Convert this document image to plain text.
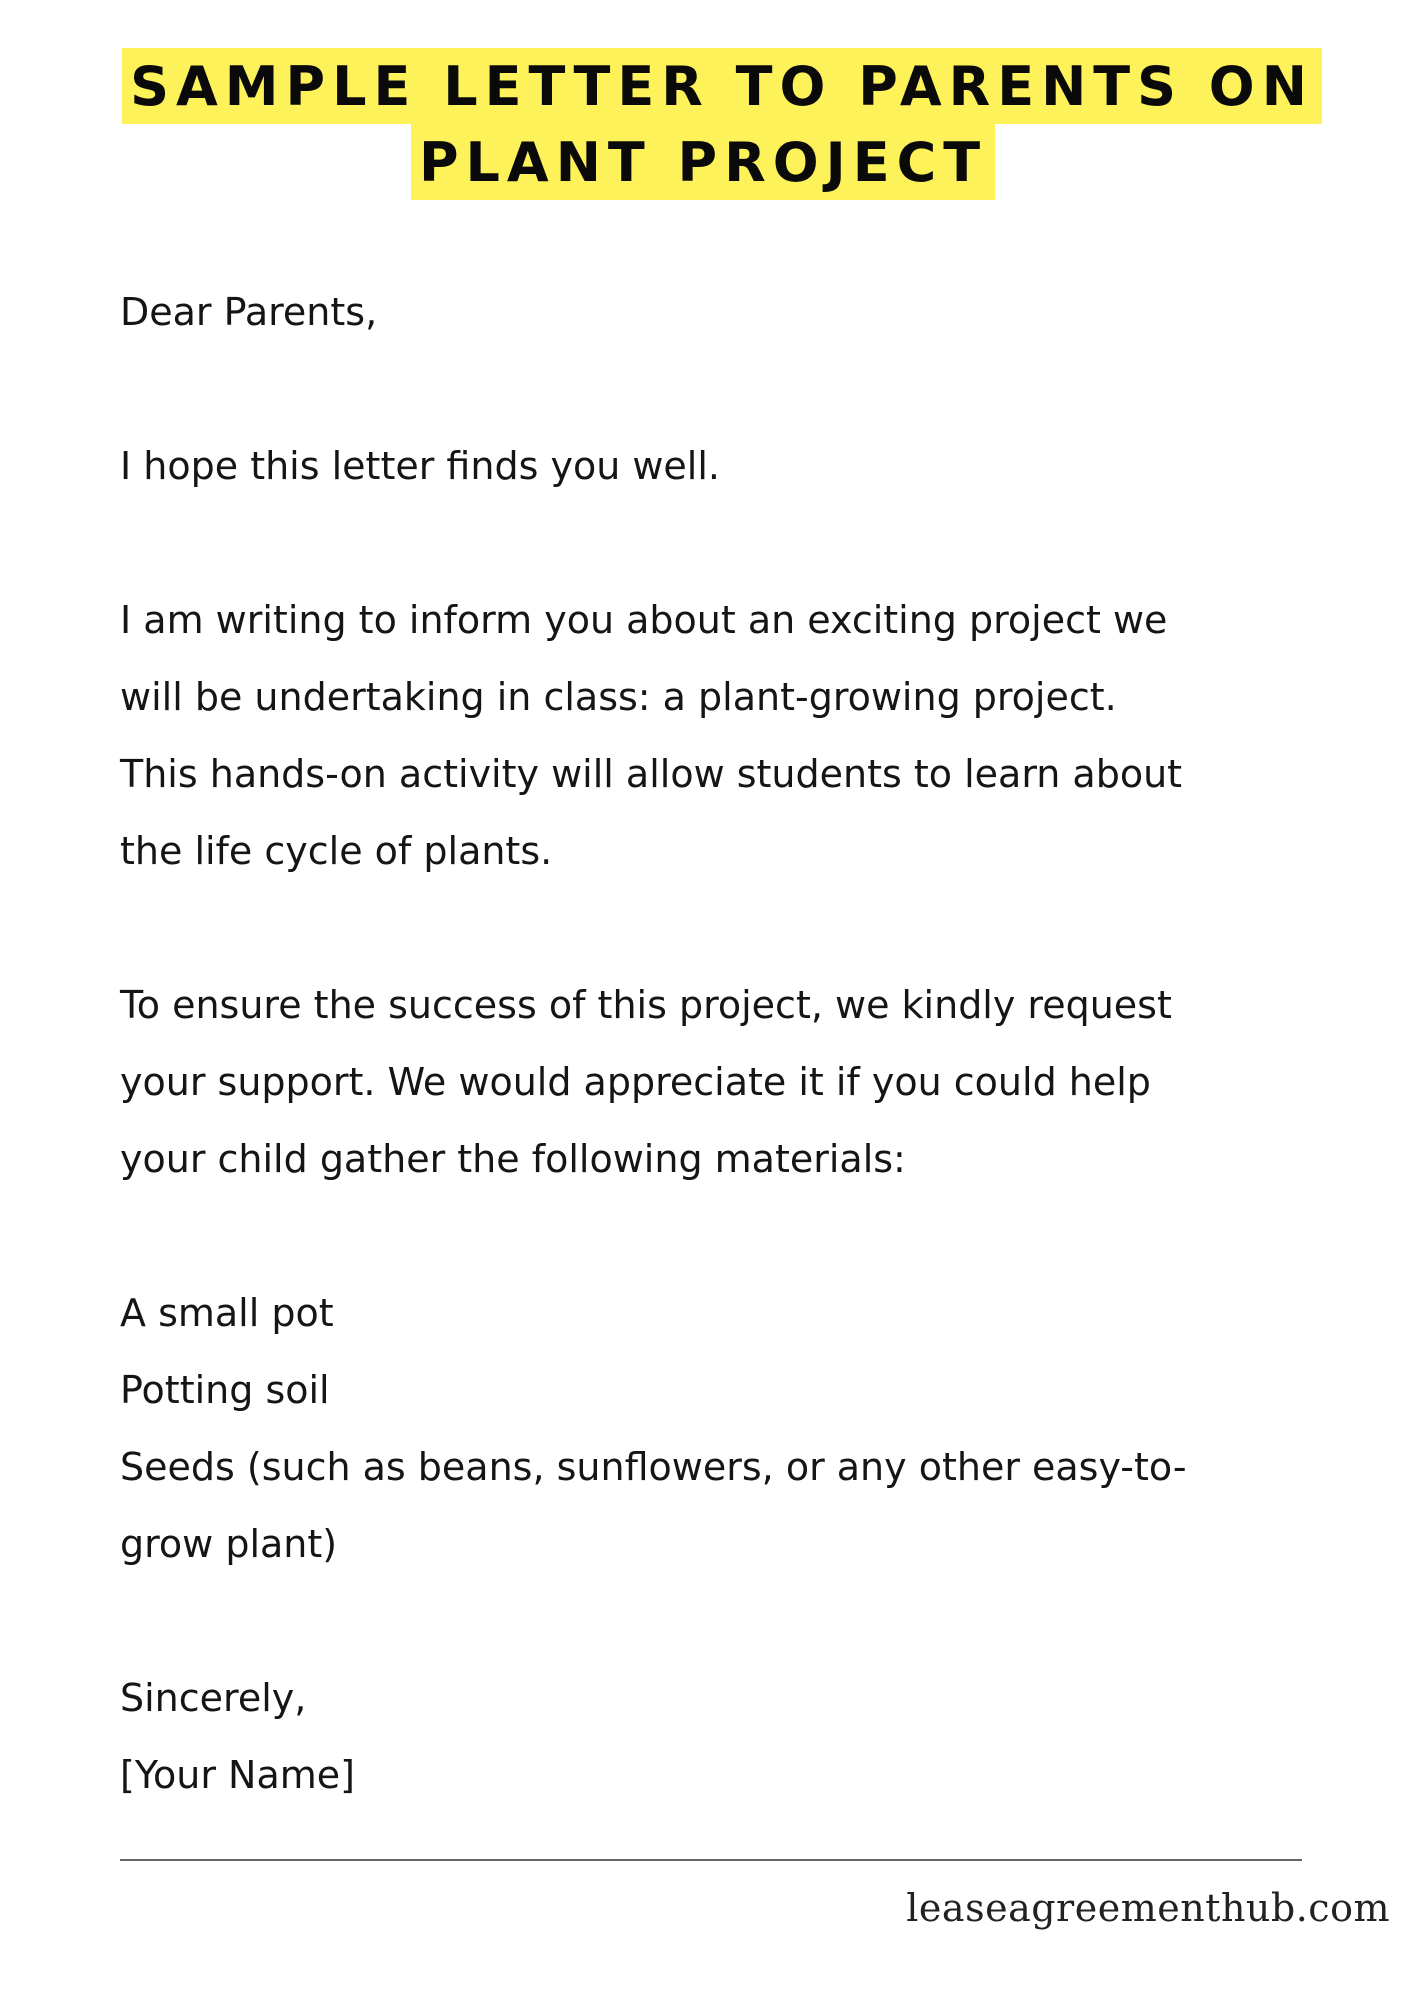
SAMPLE LETTER TO PARENTS ON
PLANT PROJECT
Dear Parents,
I hope this letter finds you well.
I am writing to inform you about an exciting project we
will be undertaking in class: a plant-growing project.
This hands-on activity will allow students to learn about
the life cycle of plants.
To ensure the success of this project, we kindly request
your support. We would appreciate it if you could help
your child gather the following materials:
A small pot
Potting soil
Seeds (such as beans, sunflowers, or any other easy-to-
grow plant)
Sincerely,
[Your Name]
leaseagreementhub.com
